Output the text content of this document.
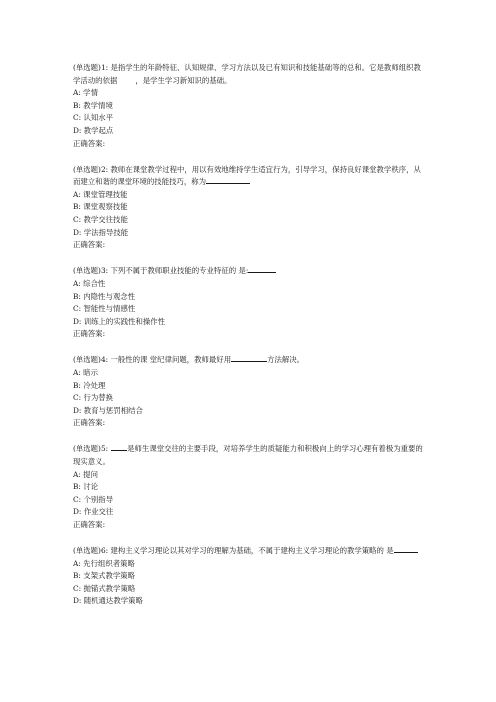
(单选题)1: 是指学生的年龄特征、认知规律、学习方法以及已有知识和技能基础等的总和。它是教师组织教学活动的依据 ，是学生学习新知识的基础。
A: 学情
B: 教学情境
C: 认知水平
D: 教学起点
正确答案:
(单选题)2: 教师在课堂教学过程中，用以有效地维持学生适宜行为，引导学习，保持良好课堂教学秩序，从而建立和谐的课堂环境的技能技巧，称为
A: 课堂管理技能
B: 课堂观察技能
C: 教学交往技能
D: 学法指导技能
正确答案:
(单选题)3: 下列不属于教师职业技能的专业特征的 是:
A: 综合性
B: 内隐性与观念性
C: 智能性与情感性
D: 训练上的实践性和操作性
正确答案:
(单选题)4: 一般性的课 堂纪律问题，教师最好用	方法解决。
A: 暗示
B: 冷处理
C: 行为替换
D: 教育与惩罚相结合
正确答案:
(单选题)5:	是师生课堂交往的主要手段，对培养学生的质疑能力和积极向上的学习心理有着极为重要的现实意义。
A: 提问
B: 讨论
C: 个别指导
D: 作业交往
正确答案:
(单选题)6: 建构主义学习理论以其对学习的理解为基础，不属于建构主义学习理论的教学策略的 是
A: 先行组织者策略
B: 支架式教学策略
C: 抛锚式教学策略
D: 随机通达教学策略
